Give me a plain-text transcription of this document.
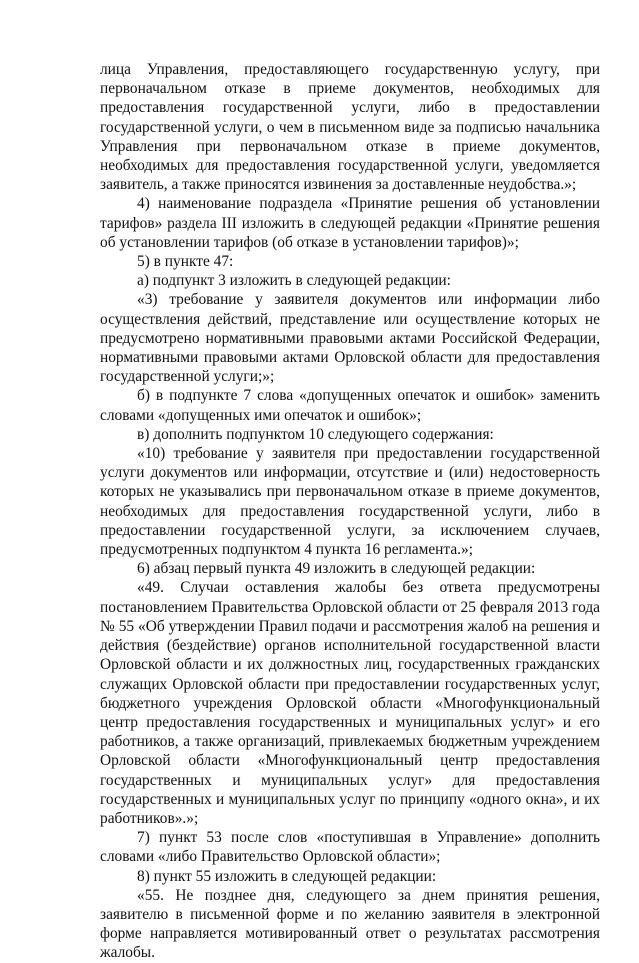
лица Управления, предоставляющего государственную услугу, при первоначальном отказе в приеме документов, необходимых для предоставления государственной услуги, либо в предоставлении государственной услуги, о чем в письменном виде за подписью начальника Управления при первоначальном отказе в приеме документов, необходимых для предоставления государственной услуги, уведомляется заявитель, а также приносятся извинения за доставленные неудобства.»;

4) наименование подраздела «Принятие решения об установлении тарифов» раздела III изложить в следующей редакции «Принятие решения об установлении тарифов (об отказе в установлении тарифов)»;

5) в пункте 47:

а) подпункт 3 изложить в следующей редакции:

«3) требование у заявителя документов или информации либо осуществления действий, представление или осуществление которых не предусмотрено нормативными правовыми актами Российской Федерации, нормативными правовыми актами Орловской области для предоставления государственной услуги;»;

б) в подпункте 7 слова «допущенных опечаток и ошибок» заменить словами «допущенных ими опечаток и ошибок»;

в) дополнить подпунктом 10 следующего содержания:

«10) требование у заявителя при предоставлении государственной услуги документов или информации, отсутствие и (или) недостоверность которых не указывались при первоначальном отказе в приеме документов, необходимых для предоставления государственной услуги, либо в предоставлении государственной услуги, за исключением случаев, предусмотренных подпунктом 4 пункта 16 регламента.»;

6) абзац первый пункта 49 изложить в следующей редакции:

«49. Случаи оставления жалобы без ответа предусмотрены постановлением Правительства Орловской области от 25 февраля 2013 года № 55 «Об утверждении Правил подачи и рассмотрения жалоб на решения и действия (бездействие) органов исполнительной государственной власти Орловской области и их должностных лиц, государственных гражданских служащих Орловской области при предоставлении государственных услуг, бюджетного учреждения Орловской области «Многофункциональный центр предоставления государственных и муниципальных услуг» и его работников, а также организаций, привлекаемых бюджетным учреждением Орловской области «Многофункциональный центр предоставления государственных и муниципальных услуг» для предоставления государственных и муниципальных услуг по принципу «одного окна», и их работников».»;

7) пункт 53 после слов «поступившая в Управление» дополнить словами «либо Правительство Орловской области»;

8) пункт 55 изложить в следующей редакции:

«55. Не позднее дня, следующего за днем принятия решения, заявителю в письменной форме и по желанию заявителя в электронной форме направляется мотивированный ответ о результатах рассмотрения жалобы.
